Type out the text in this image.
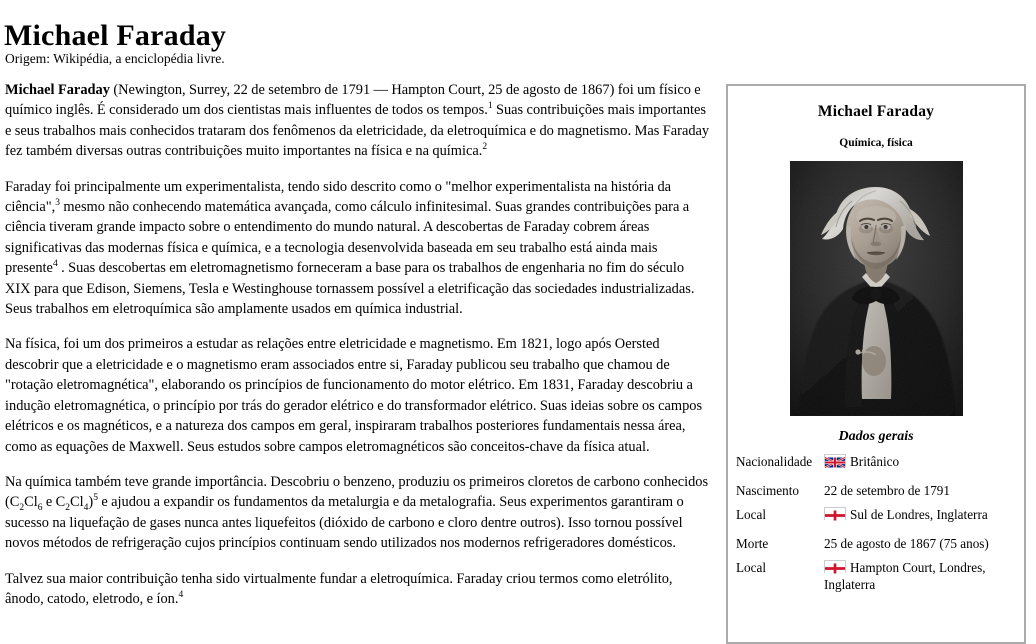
Michael Faraday
Origem: Wikipédia, a enciclopédia livre.

Michael Faraday (Newington, Surrey, 22 de setembro de 1791 — Hampton Court, 25 de agosto de 1867) foi um físico e químico inglês. É considerado um dos cientistas mais influentes de todos os tempos.$^1$ Suas contribuições mais importantes e seus trabalhos mais conhecidos trataram dos fenômenos da eletricidade, da eletroquímica e do magnetismo. Mas Faraday fez também diversas outras contribuições muito importantes na física e na química.$^2$

Faraday foi principalmente um experimentalista, tendo sido descrito como o "melhor experimentalista na história da ciência",$^3$ mesmo não conhecendo matemática avançada, como cálculo infinitesimal. Suas grandes contribuições para a ciência tiveram grande impacto sobre o entendimento do mundo natural. A descobertas de Faraday cobrem áreas significativas das modernas física e química, e a tecnologia desenvolvida baseada em seu trabalho está ainda mais presente$^4$ . Suas descobertas em eletromagnetismo forneceram a base para os trabalhos de engenharia no fim do século XIX para que Edison, Siemens, Tesla e Westinghouse tornassem possível a eletrificação das sociedades industrializadas. Seus trabalhos em eletroquímica são amplamente usados em química industrial.

Na física, foi um dos primeiros a estudar as relações entre eletricidade e magnetismo. Em 1821, logo após Oersted descobrir que a eletricidade e o magnetismo eram associados entre si, Faraday publicou seu trabalho que chamou de "rotação eletromagnética", elaborando os princípios de funcionamento do motor elétrico. Em 1831, Faraday descobriu a indução eletromagnética, o princípio por trás do gerador elétrico e do transformador elétrico. Suas ideias sobre os campos elétricos e os magnéticos, e a natureza dos campos em geral, inspiraram trabalhos posteriores fundamentais nessa área, como as equações de Maxwell. Seus estudos sobre campos eletromagnéticos são conceitos-chave da física atual.

Na química também teve grande importância. Descobriu o benzeno, produziu os primeiros cloretos de carbono conhecidos ($C_2Cl_6$ e $C_2Cl_4)^5$ e ajudou a expandir os fundamentos da metalurgia e da metalografia. Seus experimentos garantiram o sucesso na liquefação de gases nunca antes liquefeitos (dióxido de carbono e cloro dentre outros). Isso tornou possível novos métodos de refrigeração cujos princípios continuam sendo utilizados nos modernos refrigeradores domésticos.

Talvez sua maior contribuição tenha sido virtualmente fundar a eletroquímica. Faraday criou termos como eletrólito, ânodo, catodo, eletrodo, e íon.$^4$

Michael Faraday
Química, física
Dados gerais
Nacionalidade	Britânico

Nascimento	22 de setembro de 1791

Local	Sul de Londres, Inglaterra

Morte	25 de agosto de 1867 (75 anos)

Local	Hampton Court, Londres, Inglaterra
